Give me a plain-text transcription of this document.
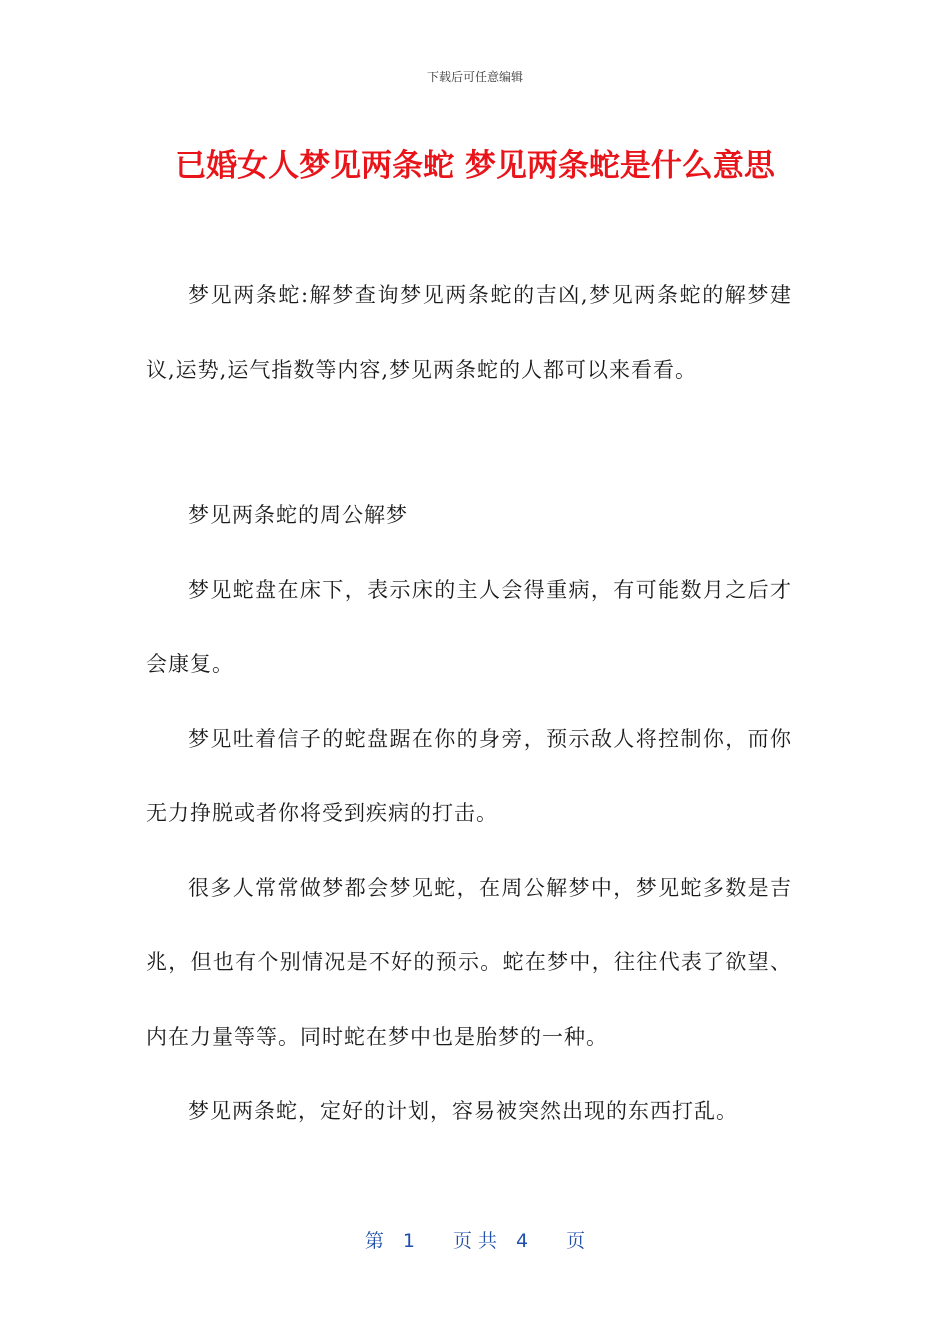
下载后可任意编辑
已婚女人梦见两条蛇 梦见两条蛇是什么意思

梦见两条蛇:解梦查询梦见两条蛇的吉凶,梦见两条蛇的解梦建议,运势,运气指数等内容,梦见两条蛇的人都可以来看看。

梦见两条蛇的周公解梦

梦见蛇盘在床下，表示床的主人会得重病，有可能数月之后才会康复。

梦见吐着信子的蛇盘踞在你的身旁，预示敌人将控制你，而你无力挣脱或者你将受到疾病的打击。

很多人常常做梦都会梦见蛇，在周公解梦中，梦见蛇多数是吉兆，但也有个别情况是不好的预示。蛇在梦中，往往代表了欲望、内在力量等等。同时蛇在梦中也是胎梦的一种。

梦见两条蛇，定好的计划，容易被突然出现的东西打乱。

第　1　　页 共　4　　页
